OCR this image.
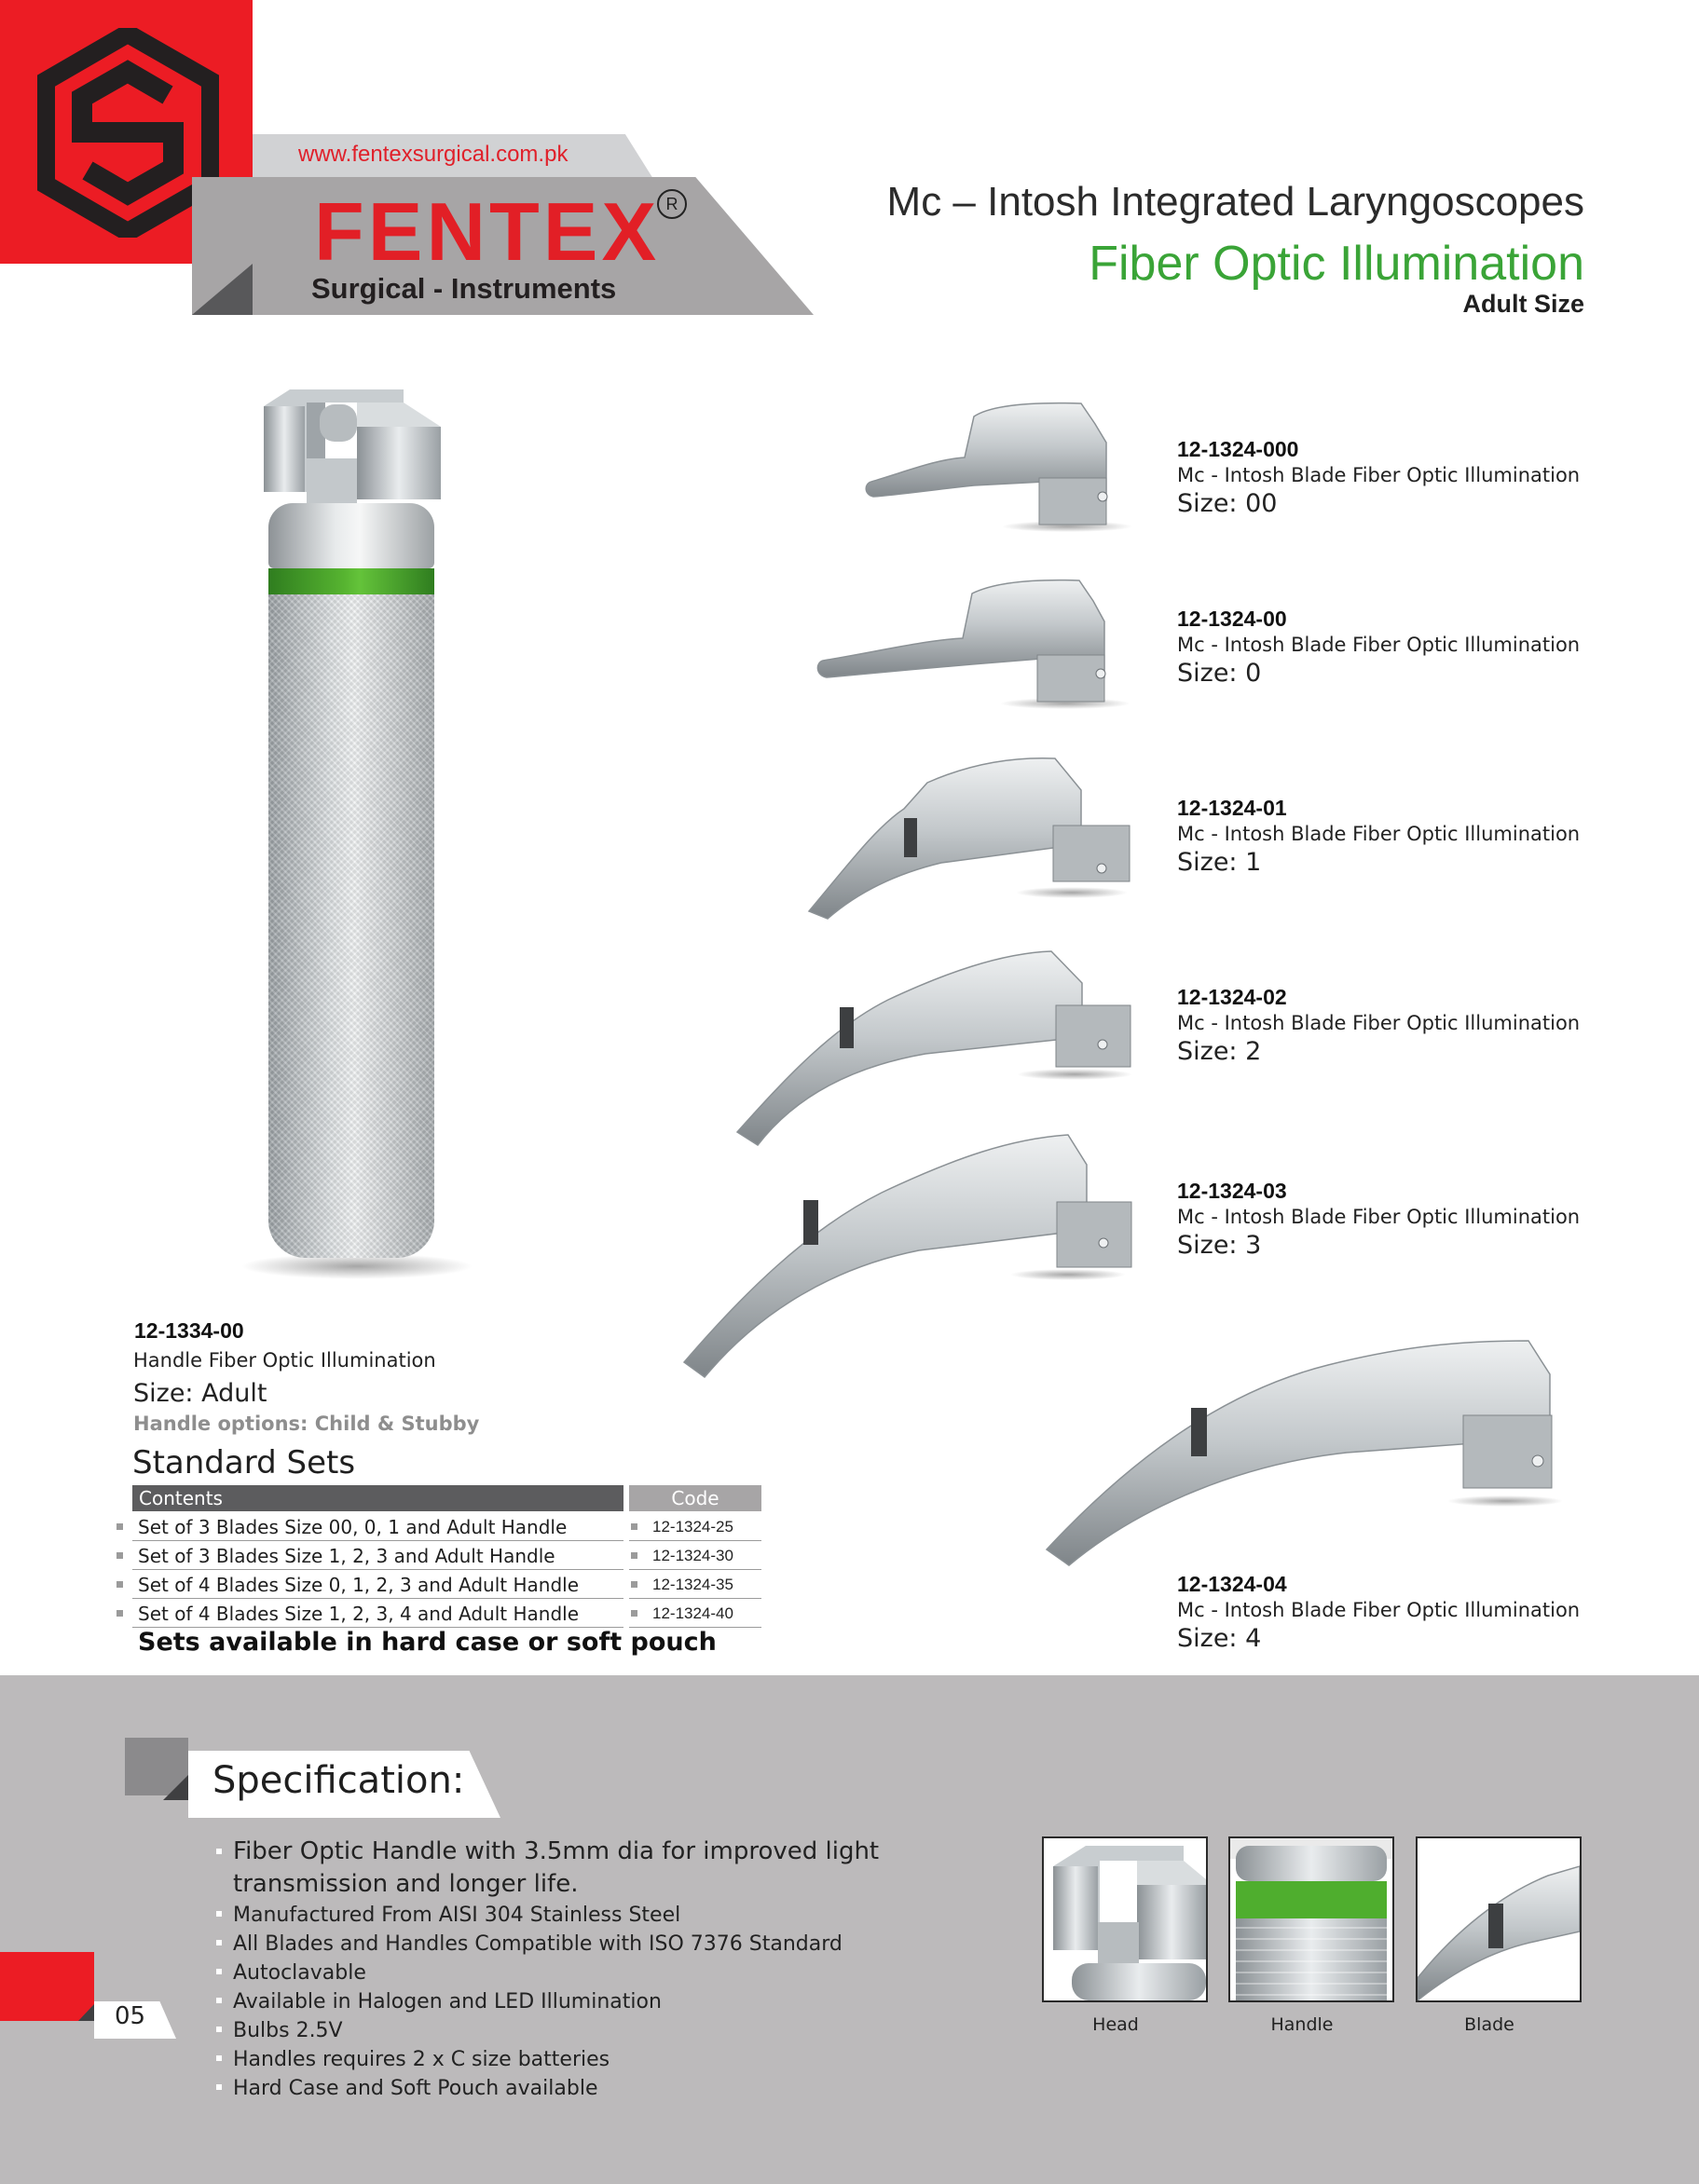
www.fentexsurgical.com.pk
FENTEX R
Surgical - Instruments
Mc – Intosh Integrated Laryngoscopes
Fiber Optic Illumination
Adult Size
12-1334-00
Handle Fiber Optic Illumination
Size: Adult
Handle options: Child & Stubby
Standard Sets
Contents	Code
Set of 3 Blades Size 00, 0, 1 and Adult Handle	12-1324-25
Set of 3 Blades Size 1, 2, 3 and Adult Handle	12-1324-30
Set of 4 Blades Size 0, 1, 2, 3 and Adult Handle	12-1324-35
Set of 4 Blades Size 1, 2, 3, 4 and Adult Handle	12-1324-40
Sets available in hard case or soft pouch
12-1324-000
Mc - Intosh Blade Fiber Optic Illumination
Size: 00
12-1324-00
Mc - Intosh Blade Fiber Optic Illumination
Size: 0
12-1324-01
Mc - Intosh Blade Fiber Optic Illumination
Size: 1
12-1324-02
Mc - Intosh Blade Fiber Optic Illumination
Size: 2
12-1324-03
Mc - Intosh Blade Fiber Optic Illumination
Size: 3
12-1324-04
Mc - Intosh Blade Fiber Optic Illumination
Size: 4
Specification:
Fiber Optic Handle with 3.5mm dia for improved light
transmission and longer life.
Manufactured From AISI 304 Stainless Steel
All Blades and Handles Compatible with ISO 7376 Standard
Autoclavable
Available in Halogen and LED Illumination
Bulbs 2.5V
Handles requires 2 x C size batteries
Hard Case and Soft Pouch available
05	Head	Handle	Blade
